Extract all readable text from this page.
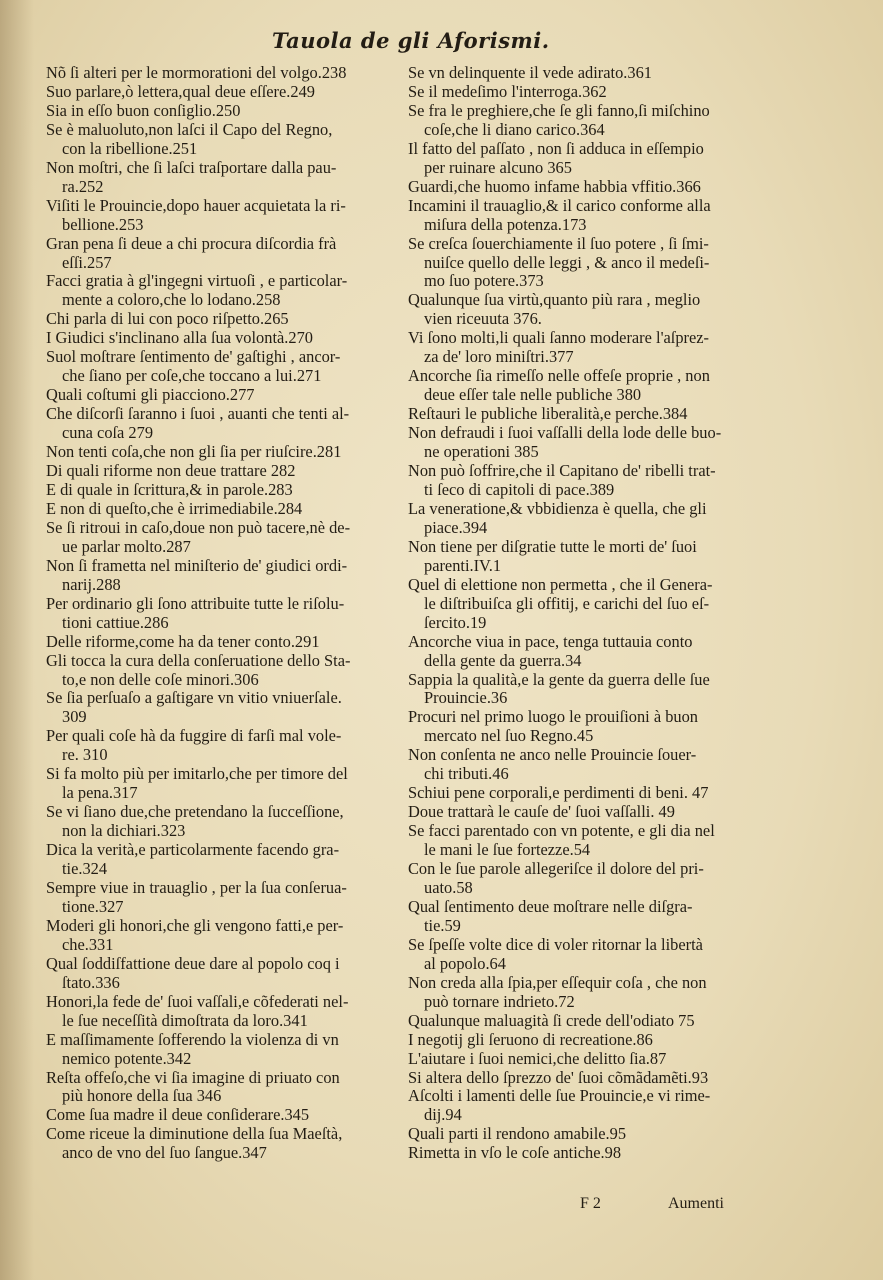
Tauola de gli Aforismi.
Nõ ſi alteri per le mormorationi del volgo.238
Suo parlare,ò lettera,qual deue eſſere.249
Sia in eſſo buon conſiglio.250
Se è maluoluto,non laſci il Capo del Regno,
con la ribellione.251
Non moſtri, che ſi laſci traſportare dalla pau-
ra.252
Viſiti le Prouincie,dopo hauer acquietata la ri-
bellione.253
Gran pena ſi deue a chi procura diſcordia frà
eſſi.257
Facci gratia à gl'ingegni virtuoſi , e particolar-
mente a coloro,che lo lodano.258
Chi parla di lui con poco riſpetto.265
I Giudici s'inclinano alla ſua volontà.270
Suol moſtrare ſentimento de' gaſtighi , ancor-
che ſiano per coſe,che toccano a lui.271
Quali coſtumi gli piacciono.277
Che diſcorſi ſaranno i ſuoi , auanti che tenti al-
cuna coſa 279
Non tenti coſa,che non gli ſia per riuſcire.281
Di quali riforme non deue trattare 282
E di quale in ſcrittura,& in parole.283
E non di queſto,che è irrimediabile.284
Se ſi ritroui in caſo,doue non può tacere,nè de-
ue parlar molto.287
Non ſi frametta nel miniſterio de' giudici ordi-
narij.288
Per ordinario gli ſono attribuite tutte le riſolu-
tioni cattiue.286
Delle riforme,come ha da tener conto.291
Gli tocca la cura della conſeruatione dello Sta-
to,e non delle coſe minori.306
Se ſia perſuaſo a gaſtigare vn vitio vniuerſale.
309
Per quali coſe hà da fuggire di farſi mal vole-
re. 310
Si fa molto più per imitarlo,che per timore del
la pena.317
Se vi ſiano due,che pretendano la ſucceſſione,
non la dichiari.323
Dica la verità,e particolarmente facendo gra-
tie.324
Sempre viue in trauaglio , per la ſua conſerua-
tione.327
Moderi gli honori,che gli vengono fatti,e per-
che.331
Qual ſoddiſfattione deue dare al popolo coq i
ſtato.336
Honori,la fede de' ſuoi vaſſali,e cõfederati nel-
le ſue neceſſità dimoſtrata da loro.341
E maſſimamente ſofferendo la violenza di vn
nemico potente.342
Reſta offeſo,che vi ſia imagine di priuato con
più honore della ſua 346
Come ſua madre il deue conſiderare.345
Come riceue la diminutione della ſua Maeſtà,
anco de vno del ſuo ſangue.347
Se vn delinquente il vede adirato.361
Se il medeſimo l'interroga.362
Se fra le preghiere,che ſe gli fanno,ſi miſchino
coſe,che li diano carico.364
Il fatto del paſſato , non ſi adduca in eſſempio
per ruinare alcuno 365
Guardi,che huomo infame habbia vffitio.366
Incamini il trauaglio,& il carico conforme alla
miſura della potenza.173
Se creſca ſouerchiamente il ſuo potere , ſi ſmi-
nuiſce quello delle leggi , & anco il medeſi-
mo ſuo potere.373
Qualunque ſua virtù,quanto più rara , meglio
vien riceuuta 376.
Vi ſono molti,li quali ſanno moderare l'aſprez-
za de' loro miniſtri.377
Ancorche ſia rimeſſo nelle offeſe proprie , non
deue eſſer tale nelle publiche 380
Reſtauri le publiche liberalità,e perche.384
Non defraudi i ſuoi vaſſalli della lode delle buo-
ne operationi 385
Non può ſoffrire,che il Capitano de' ribelli trat-
ti ſeco di capitoli di pace.389
La veneratione,& vbbidienza è quella, che gli
piace.394
Non tiene per diſgratie tutte le morti de' ſuoi
parenti.IV.1
Quel di elettione non permetta , che il Genera-
le diſtribuiſca gli offitij, e carichi del ſuo eſ-
ſercito.19
Ancorche viua in pace, tenga tuttauia conto
della gente da guerra.34
Sappia la qualità,e la gente da guerra delle ſue
Prouincie.36
Procuri nel primo luogo le prouiſioni à buon
mercato nel ſuo Regno.45
Non conſenta ne anco nelle Prouincie ſouer-
chi tributi.46
Schiui pene corporali,e perdimenti di beni. 47
Doue trattarà le cauſe de' ſuoi vaſſalli. 49
Se facci parentado con vn potente, e gli dia nel
le mani le ſue fortezze.54
Con le ſue parole allegeriſce il dolore del pri-
uato.58
Qual ſentimento deue moſtrare nelle diſgra-
tie.59
Se ſpeſſe volte dice di voler ritornar la libertà
al popolo.64
Non creda alla ſpia,per eſſequir coſa , che non
può tornare indrieto.72
Qualunque maluagità ſi crede dell'odiato 75
I negotij gli ſeruono di recreatione.86
L'aiutare i ſuoi nemici,che delitto ſia.87
Si altera dello ſprezzo de' ſuoi cõmãdamẽti.93
Aſcolti i lamenti delle ſue Prouincie,e vi rime-
dij.94
Quali parti il rendono amabile.95
Rimetta in vſo le coſe antiche.98
F 2	Aumenti
